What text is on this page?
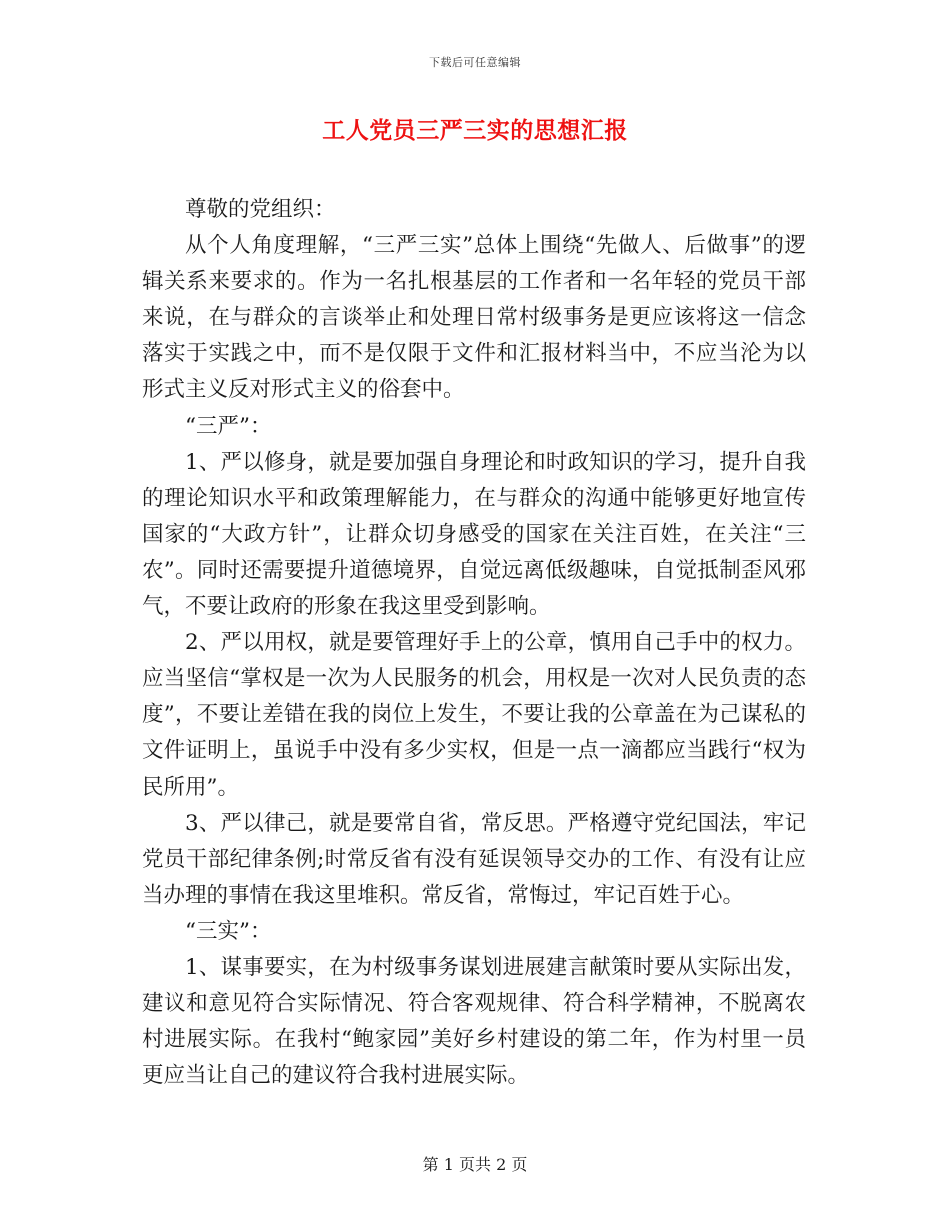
下载后可任意编辑
工人党员三严三实的思想汇报

尊敬的党组织：

从个人角度理解，“三严三实”总体上围绕“先做人、后做事”的逻辑关系来要求的。作为一名扎根基层的工作者和一名年轻的党员干部来说，在与群众的言谈举止和处理日常村级事务是更应该将这一信念落实于实践之中，而不是仅限于文件和汇报材料当中，不应当沦为以形式主义反对形式主义的俗套中。

“三严”：

1、严以修身，就是要加强自身理论和时政知识的学习，提升自我的理论知识水平和政策理解能力，在与群众的沟通中能够更好地宣传国家的“大政方针”，让群众切身感受的国家在关注百姓，在关注“三农”。同时还需要提升道德境界，自觉远离低级趣味，自觉抵制歪风邪气，不要让政府的形象在我这里受到影响。

2、严以用权，就是要管理好手上的公章，慎用自己手中的权力。应当坚信“掌权是一次为人民服务的机会，用权是一次对人民负责的态度”，不要让差错在我的岗位上发生，不要让我的公章盖在为己谋私的文件证明上，虽说手中没有多少实权，但是一点一滴都应当践行“权为民所用”。

3、严以律己，就是要常自省，常反思。严格遵守党纪国法，牢记党员干部纪律条例;时常反省有没有延误领导交办的工作、有没有让应当办理的事情在我这里堆积。常反省，常悔过，牢记百姓于心。

“三实”：

1、谋事要实，在为村级事务谋划进展建言献策时要从实际出发，建议和意见符合实际情况、符合客观规律、符合科学精神，不脱离农村进展实际。在我村“鲍家园”美好乡村建设的第二年，作为村里一员更应当让自己的建议符合我村进展实际。

第 1 页共 2 页
